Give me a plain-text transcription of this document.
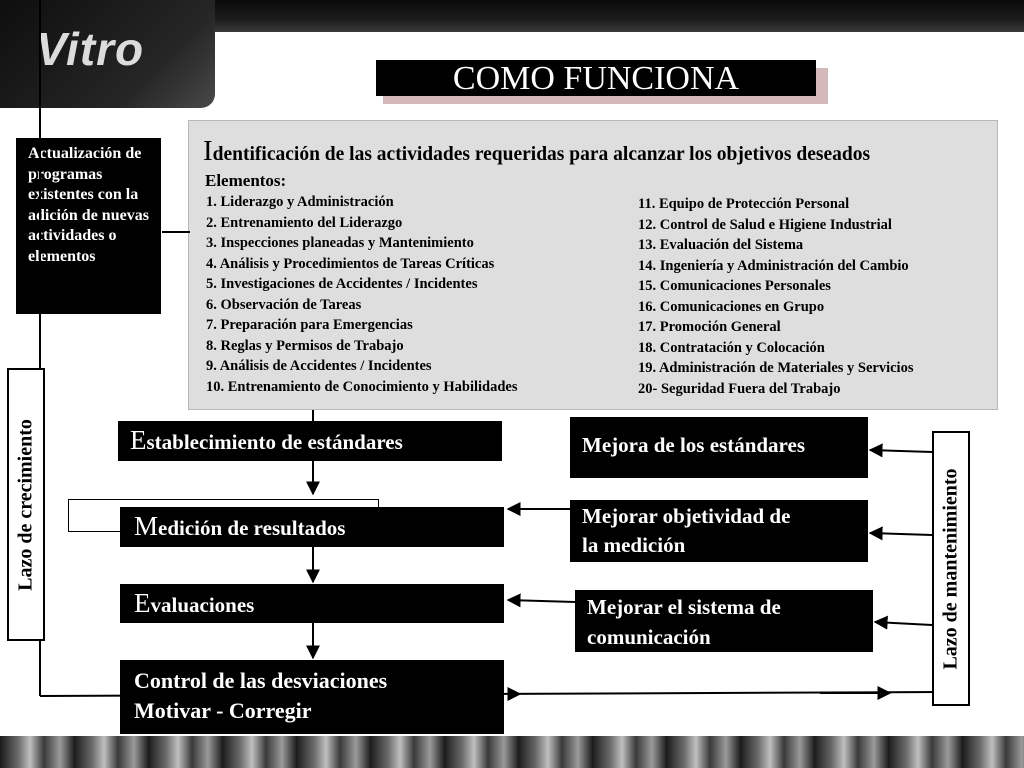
Vitro
COMO FUNCIONA
Actualización de programas existentes con la adición de nuevas actividades o elementos
Identificación de las actividades requeridas para alcanzar los objetivos deseados
Elementos:
1. Liderazgo y Administración
2. Entrenamiento del Liderazgo
3. Inspecciones planeadas y Mantenimiento
4. Análisis y Procedimientos de Tareas Críticas
5. Investigaciones de Accidentes / Incidentes
6. Observación de Tareas
7. Preparación para Emergencias
8. Reglas y Permisos de Trabajo
9. Análisis de Accidentes / Incidentes
10. Entrenamiento de Conocimiento y Habilidades
11. Equipo de Protección Personal
12. Control de Salud e Higiene Industrial
13. Evaluación del Sistema
14. Ingeniería y Administración del Cambio
15. Comunicaciones Personales
16. Comunicaciones en Grupo
17. Promoción General
18. Contratación y Colocación
19. Administración de Materiales y Servicios
20- Seguridad Fuera del Trabajo
Lazo de crecimiento	Lazo de mantenimiento
Establecimiento de estándares
Medición de resultados
Evaluaciones
Control de las desviaciones
Motivar - Corregir
Mejora de los estándares
Mejorar objetividad de
la medición
Mejorar el sistema de
comunicación
